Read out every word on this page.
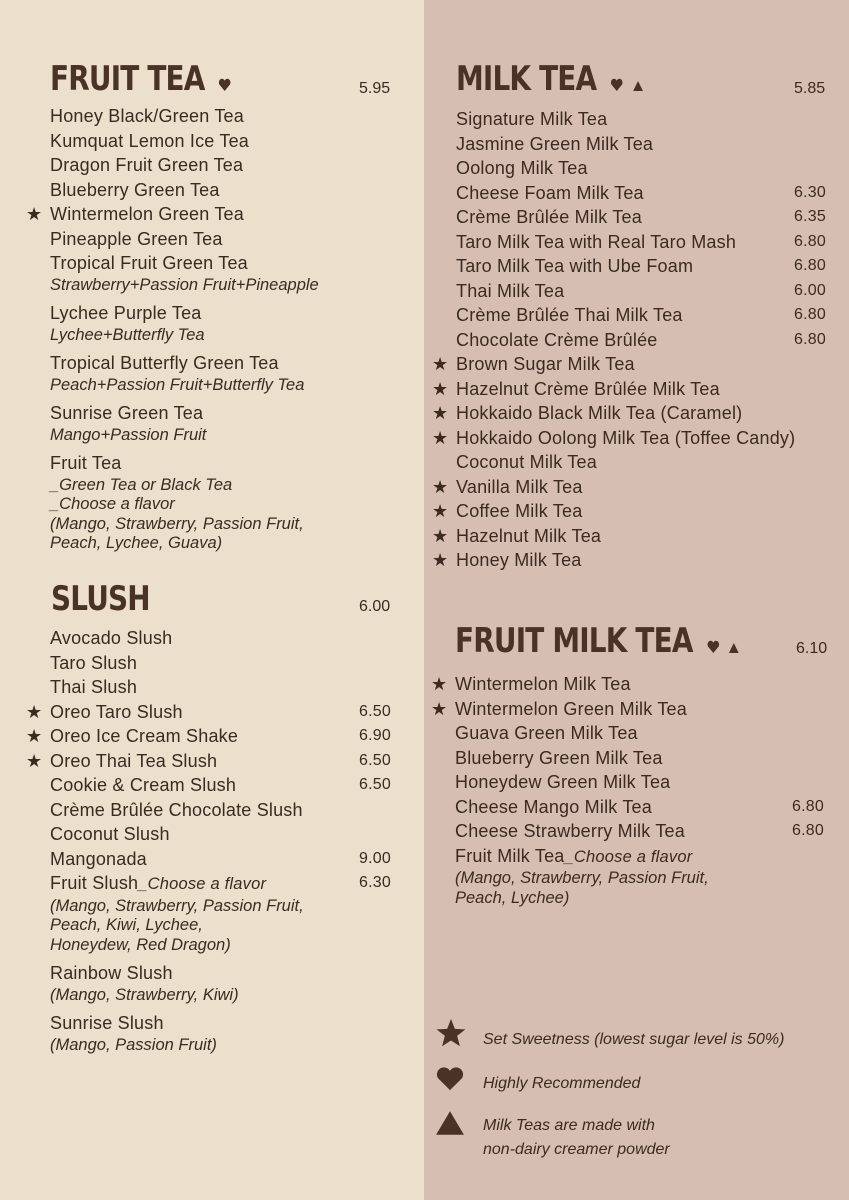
FRUIT TEA	5.95
Honey Black/Green Tea
Kumquat Lemon Ice Tea
Dragon Fruit Green Tea
Blueberry Green Tea
★ Wintermelon Green Tea
Pineapple Green Tea
Tropical Fruit Green Tea
Strawberry+Passion Fruit+Pineapple
Lychee Purple Tea
Lychee+Butterfly Tea
Tropical Butterfly Green Tea
Peach+Passion Fruit+Butterfly Tea
Sunrise Green Tea
Mango+Passion Fruit
Fruit Tea
_Green Tea or Black Tea
_Choose a flavor
(Mango, Strawberry, Passion Fruit,
Peach, Lychee, Guava)
SLUSH	6.00
Avocado Slush
Taro Slush
Thai Slush
★ Oreo Taro Slush	6.50
★ Oreo Ice Cream Shake	6.90
★ Oreo Thai Tea Slush	6.50
Cookie & Cream Slush	6.50
Crème Brûlée Chocolate Slush
Coconut Slush
Mangonada	9.00
Fruit Slush_Choose a flavor	6.30
(Mango, Strawberry, Passion Fruit,
Peach, Kiwi, Lychee,
Honeydew, Red Dragon)
Rainbow Slush
(Mango, Strawberry, Kiwi)
Sunrise Slush
(Mango, Passion Fruit)
MILK TEA	5.85
Signature Milk Tea
Jasmine Green Milk Tea
Oolong Milk Tea
Cheese Foam Milk Tea	6.30
Crème Brûlée Milk Tea	6.35
Taro Milk Tea with Real Taro Mash	6.80
Taro Milk Tea with Ube Foam	6.80
Thai Milk Tea	6.00
Crème Brûlée Thai Milk Tea	6.80
Chocolate Crème Brûlée	6.80
★ Brown Sugar Milk Tea
★ Hazelnut Crème Brûlée Milk Tea
★ Hokkaido Black Milk Tea (Caramel)
★ Hokkaido Oolong Milk Tea (Toffee Candy)
Coconut Milk Tea
★ Vanilla Milk Tea
★ Coffee Milk Tea
★ Hazelnut Milk Tea
★ Honey Milk Tea
FRUIT MILK TEA	6.10
★ Wintermelon Milk Tea
★ Wintermelon Green Milk Tea
Guava Green Milk Tea
Blueberry Green Milk Tea
Honeydew Green Milk Tea
Cheese Mango Milk Tea	6.80
Cheese Strawberry Milk Tea	6.80
Fruit Milk Tea_Choose a flavor
(Mango, Strawberry, Passion Fruit,
Peach, Lychee)
Set Sweetness (lowest sugar level is 50%)
Highly Recommended
Milk Teas are made with
non-dairy creamer powder
